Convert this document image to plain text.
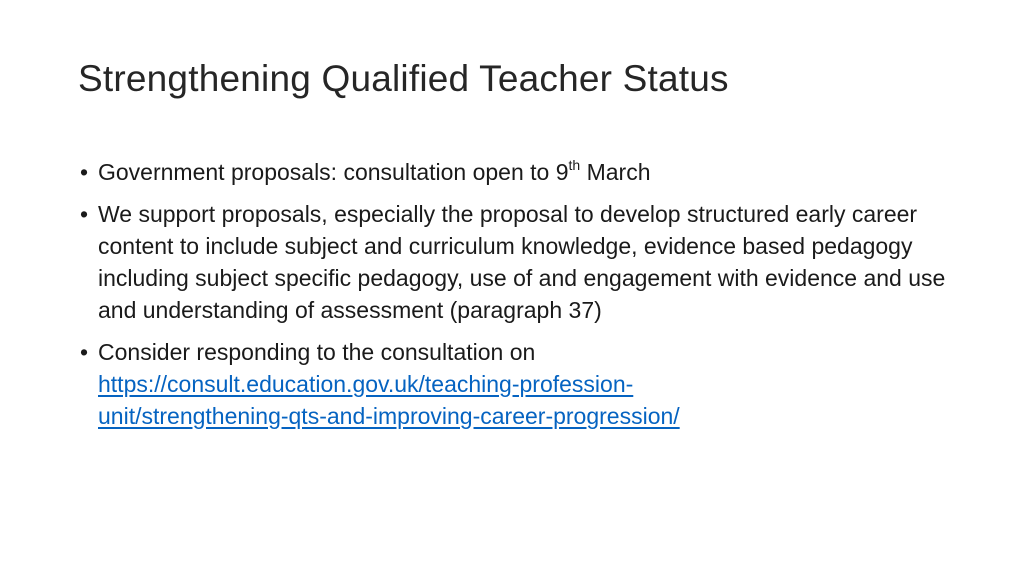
Strengthening Qualified Teacher Status
• Government proposals: consultation open to 9th March
• We support proposals, especially the proposal to develop structured early career content to include subject and curriculum knowledge, evidence based pedagogy including subject specific pedagogy, use of and engagement with evidence and use and understanding of assessment (paragraph 37)
• Consider responding to the consultation on
https://consult.education.gov.uk/teaching-profession-
unit/strengthening-qts-and-improving-career-progression/
